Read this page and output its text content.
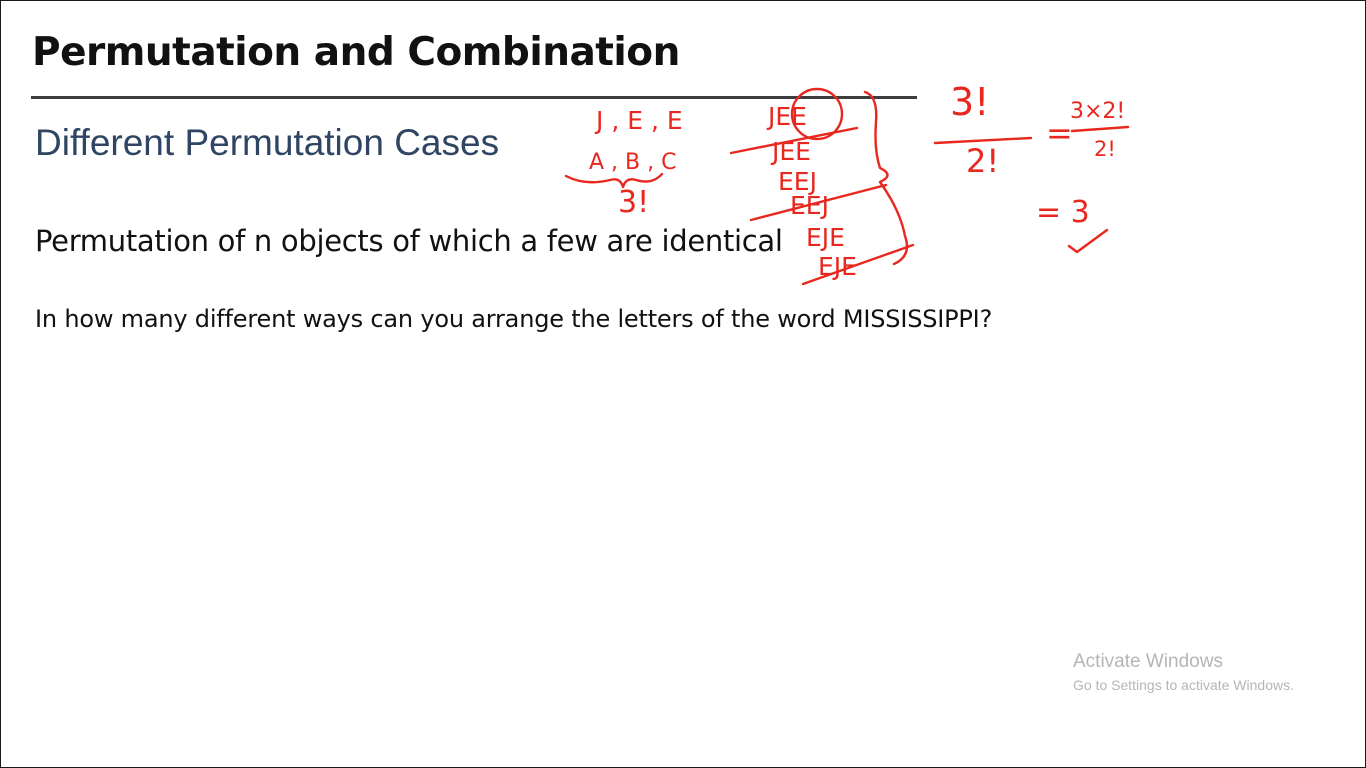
Permutation and Combination
Different Permutation Cases
Permutation of n objects of which a few are identical
In how many different ways can you arrange the letters of the word MISSISSIPPI?
J , E , E
A , B , C
3!
JEE
JEE
EEJ
EEJ
EJE
EJE
3!
2!
=
3×2!
2!
= 3
Activate Windows
Go to Settings to activate Windows.
